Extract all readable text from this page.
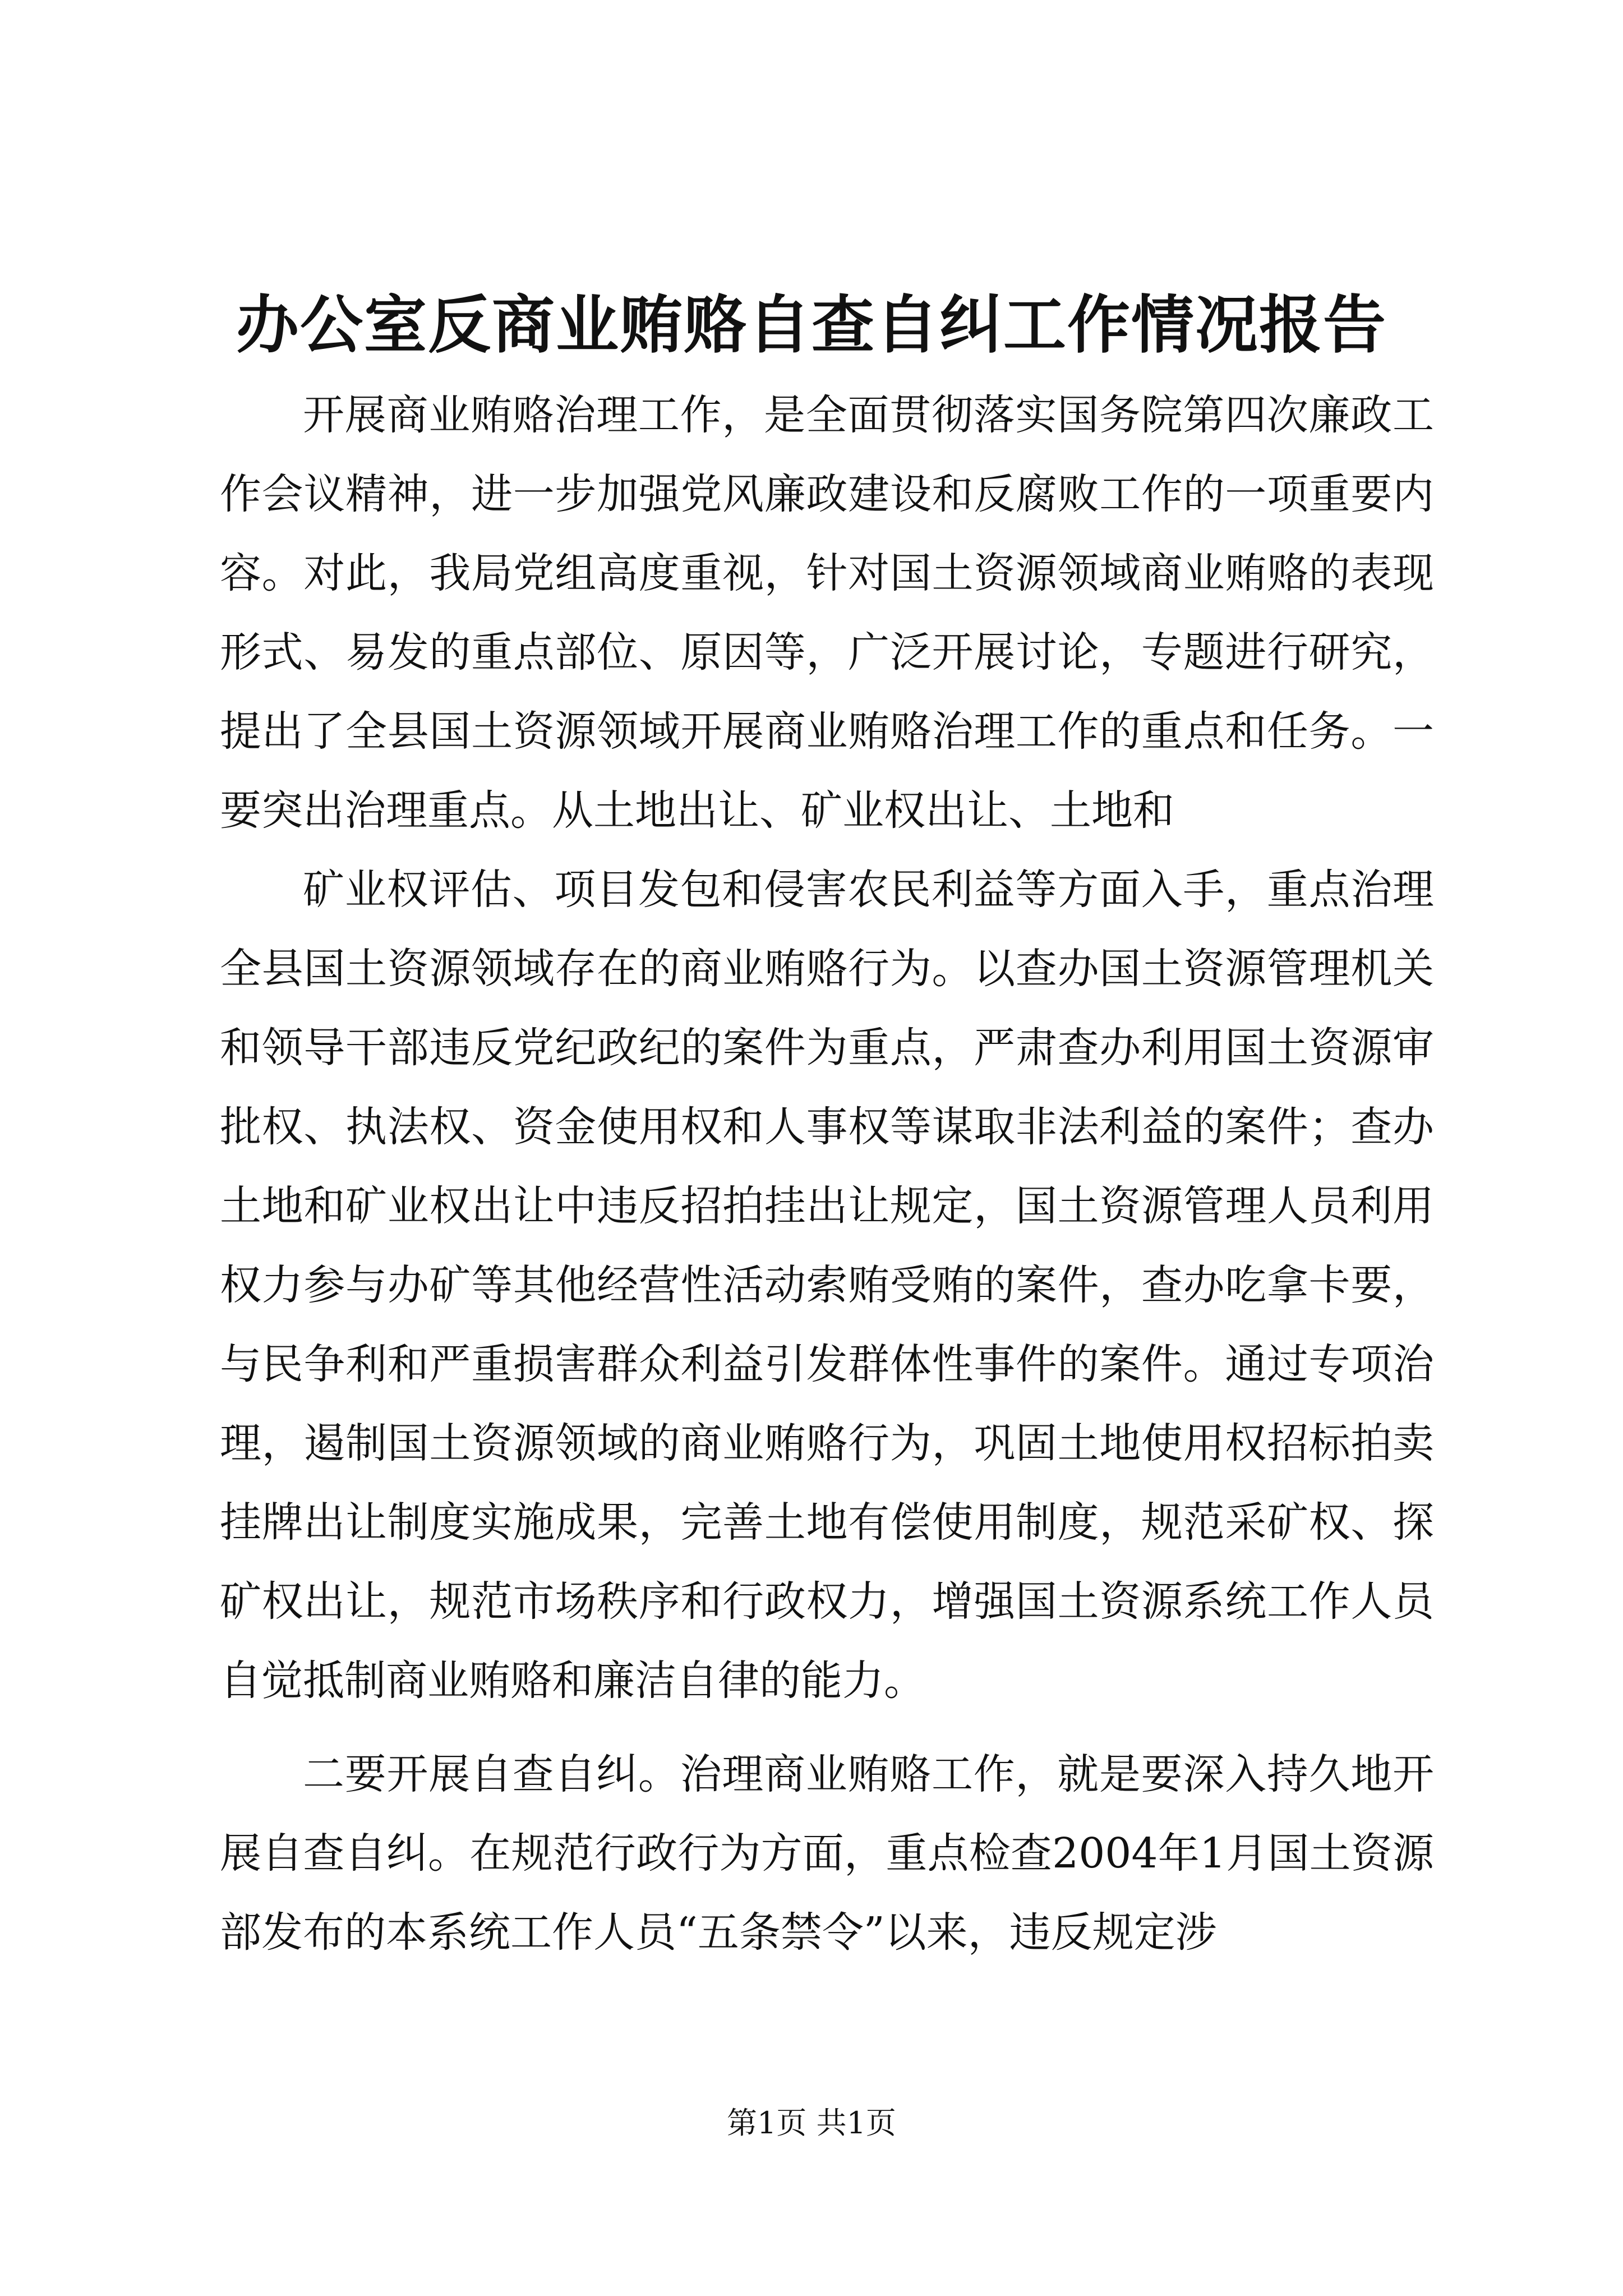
办公室反商业贿赂自查自纠工作情况报告

开展商业贿赂治理工作，是全面贯彻落实国务院第四次廉政工作会议精神，进一步加强党风廉政建设和反腐败工作的一项重要内容。对此，我局党组高度重视，针对国土资源领域商业贿赂的表现形式、易发的重点部位、原因等，广泛开展讨论，专题进行研究，提出了全县国土资源领域开展商业贿赂治理工作的重点和任务。一要突出治理重点。从土地出让、矿业权出让、土地和

矿业权评估、项目发包和侵害农民利益等方面入手，重点治理全县国土资源领域存在的商业贿赂行为。以查办国土资源管理机关和领导干部违反党纪政纪的案件为重点，严肃查办利用国土资源审批权、执法权、资金使用权和人事权等谋取非法利益的案件；查办土地和矿业权出让中违反招拍挂出让规定，国土资源管理人员利用权力参与办矿等其他经营性活动索贿受贿的案件，查办吃拿卡要，与民争利和严重损害群众利益引发群体性事件的案件。通过专项治理，遏制国土资源领域的商业贿赂行为，巩固土地使用权招标拍卖挂牌出让制度实施成果，完善土地有偿使用制度，规范采矿权、探矿权出让，规范市场秩序和行政权力，增强国土资源系统工作人员自觉抵制商业贿赂和廉洁自律的能力。

二要开展自查自纠。治理商业贿赂工作，就是要深入持久地开展自查自纠。在规范行政行为方面，重点检查2004年1月国土资源部发布的本系统工作人员“五条禁令”以来，违反规定涉

第1页 共1页
